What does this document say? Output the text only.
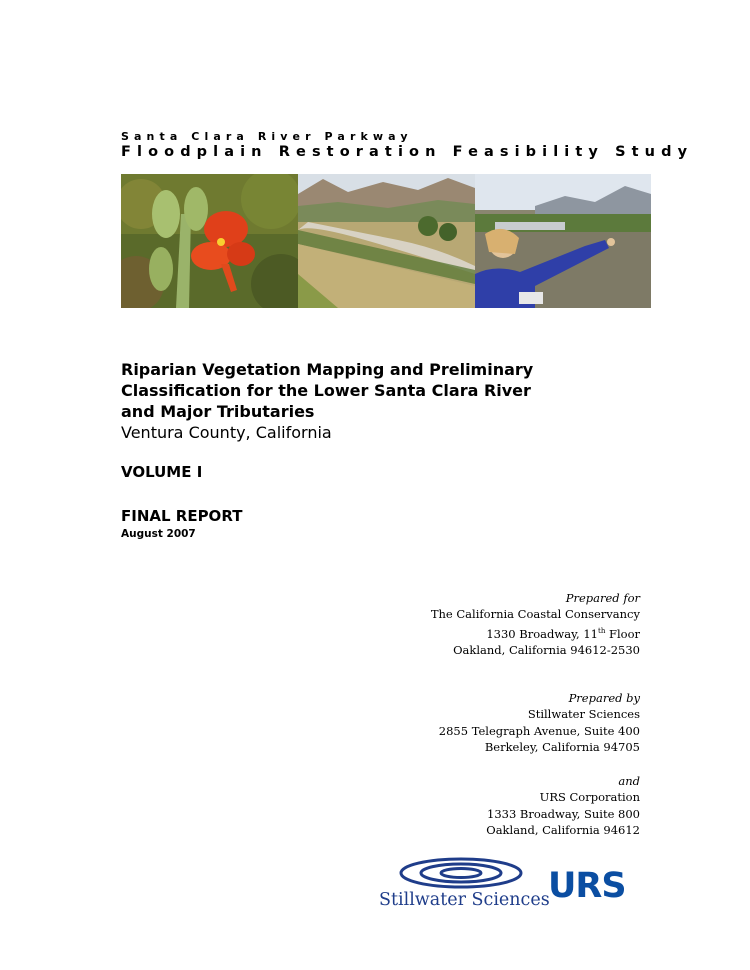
Santa Clara River Parkway
Floodplain Restoration Feasibility Study

Riparian Vegetation Mapping and Preliminary Classification for the Lower Santa Clara River and Major Tributaries

Ventura County, California
VOLUME I
FINAL REPORT
August 2007
Prepared for
The California Coastal Conservancy
1330 Broadway, 11th Floor
Oakland, California 94612-2530
Prepared by
Stillwater Sciences
2855 Telegraph Avenue, Suite 400
Berkeley, California 94705
and
URS Corporation
1333 Broadway, Suite 800
Oakland, California 94612
Stillwater Sciences
URS
